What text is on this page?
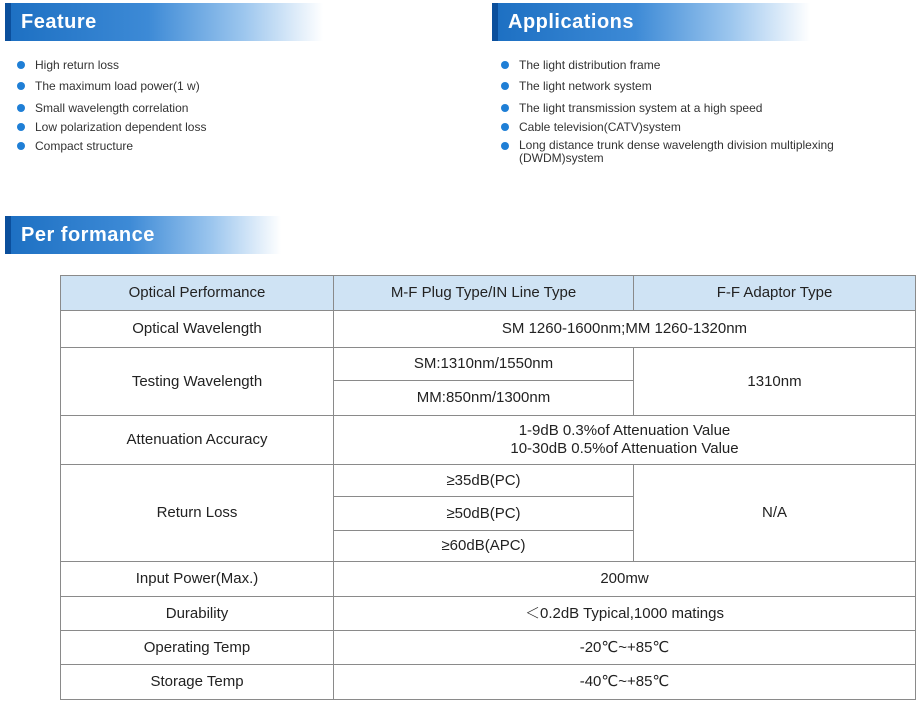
Feature
High return loss
The maximum load power(1 w)
Small wavelength correlation
Low polarization dependent loss
Compact structure
Applications
The light distribution frame
The light network system
The light transmission system at a high speed
Cable television(CATV)system
Long distance trunk dense wavelength division multiplexing (DWDM)system
Per formance
Optical Performance	M-F Plug Type/IN Line Type	F-F Adaptor Type
Optical Wavelength	SM 1260-1600nm;MM 1260-1320nm	
Testing Wavelength	SM:1310nm/1550nm	1310nm
	MM:850nm/1300nm	
Attenuation Accuracy	1-9dB 0.3%of Attenuation Value
10-30dB 0.5%of Attenuation Value	

Return Loss	≥35dB(PC)	N/A
	≥50dB(PC)	
	≥60dB(APC)	
Input Power(Max.)	200mw	
Durability	＜0.2dB Typical,1000 matings	
Operating Temp	-20℃~+85℃	
Storage Temp	-40℃~+85℃	
